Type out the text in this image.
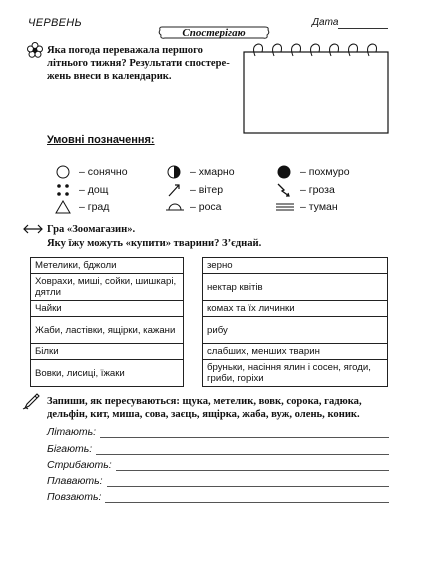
ЧЕРВЕНЬ	Дата
Спостерігаю
Яка погода переважала першого
літнього тижня? Результати спостере-
жень внеси в календарик.
Умовні позначення:
– сонячно	– хмарно	– похмуро
– дощ	– вітер	– гроза
– град	– роса	– туман
Гра «Зоомагазин».
Яку їжу можуть «купити» тварини? З’єднай.
Метелики, бджоли
Ховрахи, миші, сойки, шишкарі, дятли
Чайки
Жаби, ластівки, ящірки, кажани
Білки
Вовки, лисиці, їжаки
зерно
нектар квітів
комах та їх личинки
рибу
слабших, менших тварин
бруньки, насіння ялин і сосен, ягоди, гриби, горіхи
Запиши, як пересуваються: щука, метелик, вовк, сорока, гадюка,
дельфін, кит, миша, сова, заєць, ящірка, жаба, вуж, олень, коник.
Літають:
Бігають:
Стрибають:
Плавають:
Повзають:
